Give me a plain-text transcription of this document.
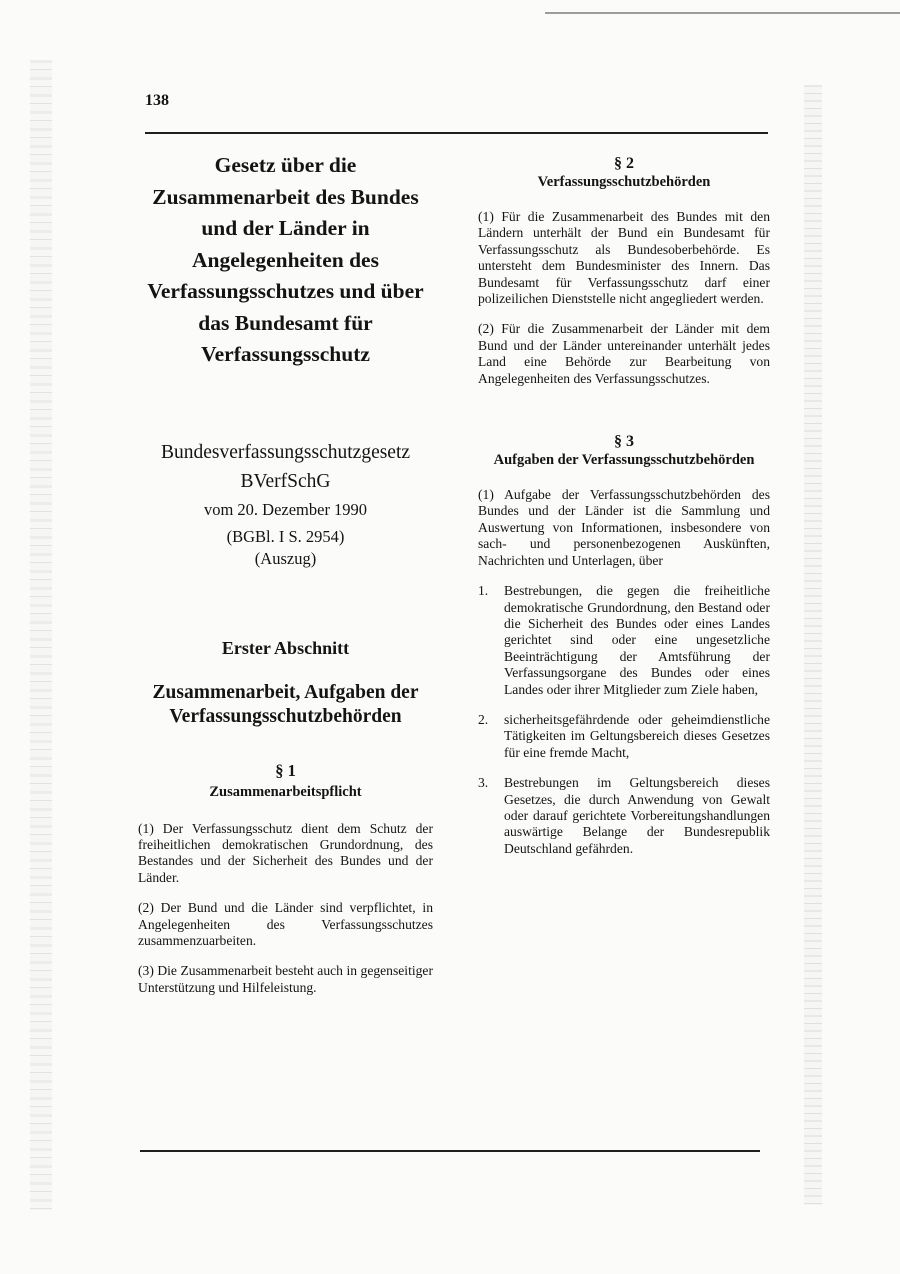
138
Gesetz über die Zusammenarbeit des Bundes und der Länder in Angelegenheiten des Verfassungsschutzes und über das Bundesamt für Verfassungsschutz
Bundesverfassungsschutzgesetz
BVerfSchG
vom 20. Dezember 1990
(BGBl. I S. 2954)
(Auszug)
Erster Abschnitt
Zusammenarbeit, Aufgaben der Verfassungsschutzbehörden
§ 1
Zusammenarbeitspflicht

(1) Der Verfassungsschutz dient dem Schutz der freiheitlichen demokratischen Grundordnung, des Bestandes und der Sicherheit des Bundes und der Länder.

(2) Der Bund und die Länder sind verpflichtet, in Angelegenheiten des Verfassungsschutzes zusammenzuarbeiten.

(3) Die Zusammenarbeit besteht auch in gegenseitiger Unterstützung und Hilfeleistung.

§ 2
Verfassungsschutzbehörden

(1) Für die Zusammenarbeit des Bundes mit den Ländern unterhält der Bund ein Bundesamt für Verfassungsschutz als Bundesoberbehörde. Es untersteht dem Bundesminister des Innern. Das Bundesamt für Verfassungsschutz darf einer polizeilichen Dienststelle nicht angegliedert werden.

(2) Für die Zusammenarbeit der Länder mit dem Bund und der Länder untereinander unterhält jedes Land eine Behörde zur Bearbeitung von Angelegenheiten des Verfassungsschutzes.

§ 3
Aufgaben der Verfassungsschutzbehörden

(1) Aufgabe der Verfassungsschutzbehörden des Bundes und der Länder ist die Sammlung und Auswertung von Informationen, insbesondere von sach- und personenbezogenen Auskünften, Nachrichten und Unterlagen, über

1.	Bestrebungen, die gegen die freiheitliche demokratische Grundordnung, den Bestand oder die Sicherheit des Bundes oder eines Landes gerichtet sind oder eine ungesetzliche Beeinträchtigung der Amtsführung der Verfassungsorgane des Bundes oder eines Landes oder ihrer Mitglieder zum Ziele haben,
2.	sicherheitsgefährdende oder geheimdienstliche Tätigkeiten im Geltungsbereich dieses Gesetzes für eine fremde Macht,
3.	Bestrebungen im Geltungsbereich dieses Gesetzes, die durch Anwendung von Gewalt oder darauf gerichtete Vorbereitungshandlungen auswärtige Belange der Bundesrepublik Deutschland gefährden.
